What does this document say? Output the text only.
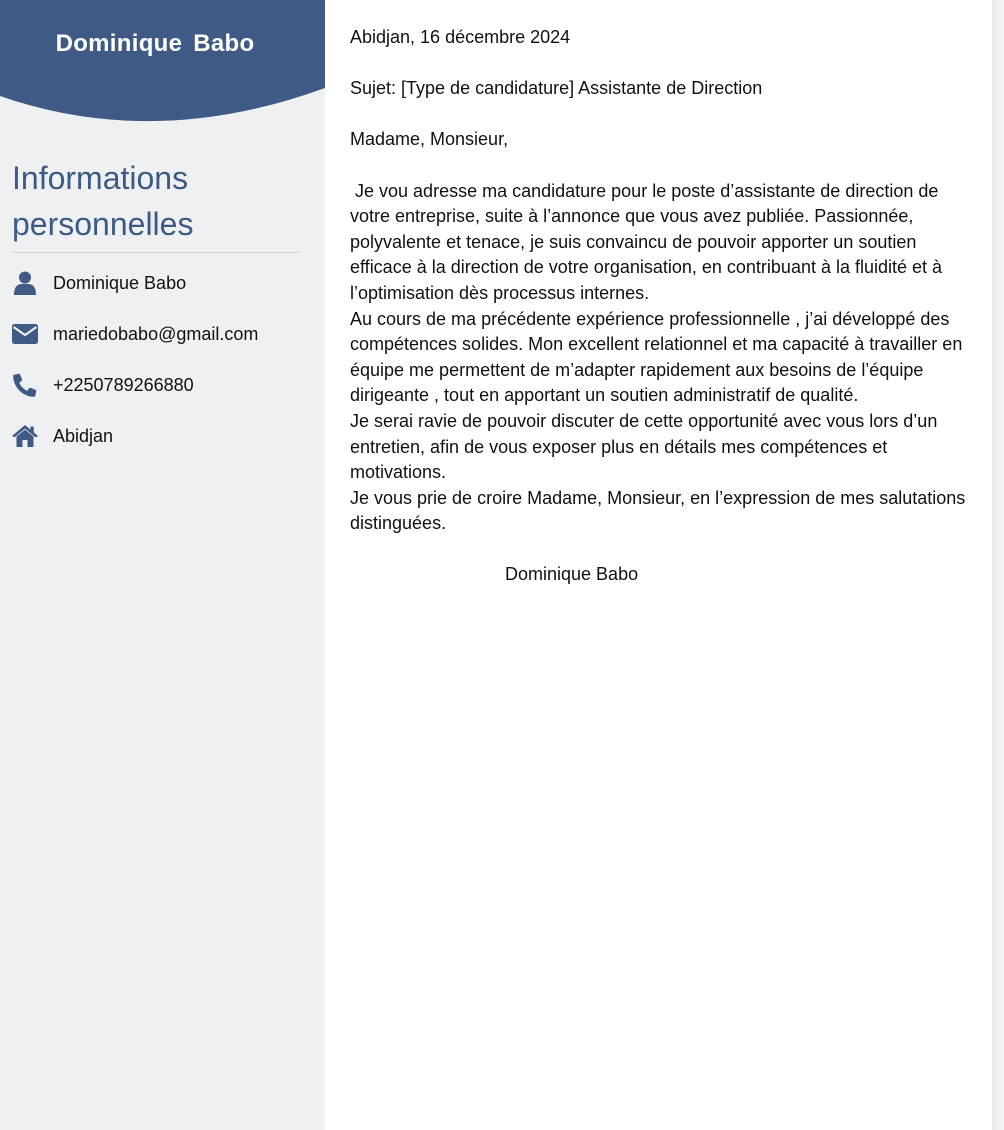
Dominique Babo
Informations personnelles
Dominique Babo
mariedobabo@gmail.com
+2250789266880
Abidjan

Abidjan, 16 décembre 2024

Sujet: [Type de candidature] Assistante de Direction

Madame, Monsieur,

Je vou adresse ma candidature pour le poste d’assistante de direction de votre entreprise, suite à l’annonce que vous avez publiée. Passionnée, polyvalente et tenace, je suis convaincu de pouvoir apporter un soutien efficace à la direction de votre organisation, en contribuant à la fluidité et à l’optimisation dès processus internes.

Au cours de ma précédente expérience professionnelle , j’ai développé des compétences solides. Mon excellent relationnel et ma capacité à travailler en équipe me permettent de m’adapter rapidement aux besoins de l’équipe dirigeante , tout en apportant un soutien administratif de qualité.

Je serai ravie de pouvoir discuter de cette opportunité avec vous lors d’un entretien, afin de vous exposer plus en détails mes compétences et motivations.

Je vous prie de croire Madame, Monsieur, en l’expression de mes salutations distinguées.

Dominique Babo
